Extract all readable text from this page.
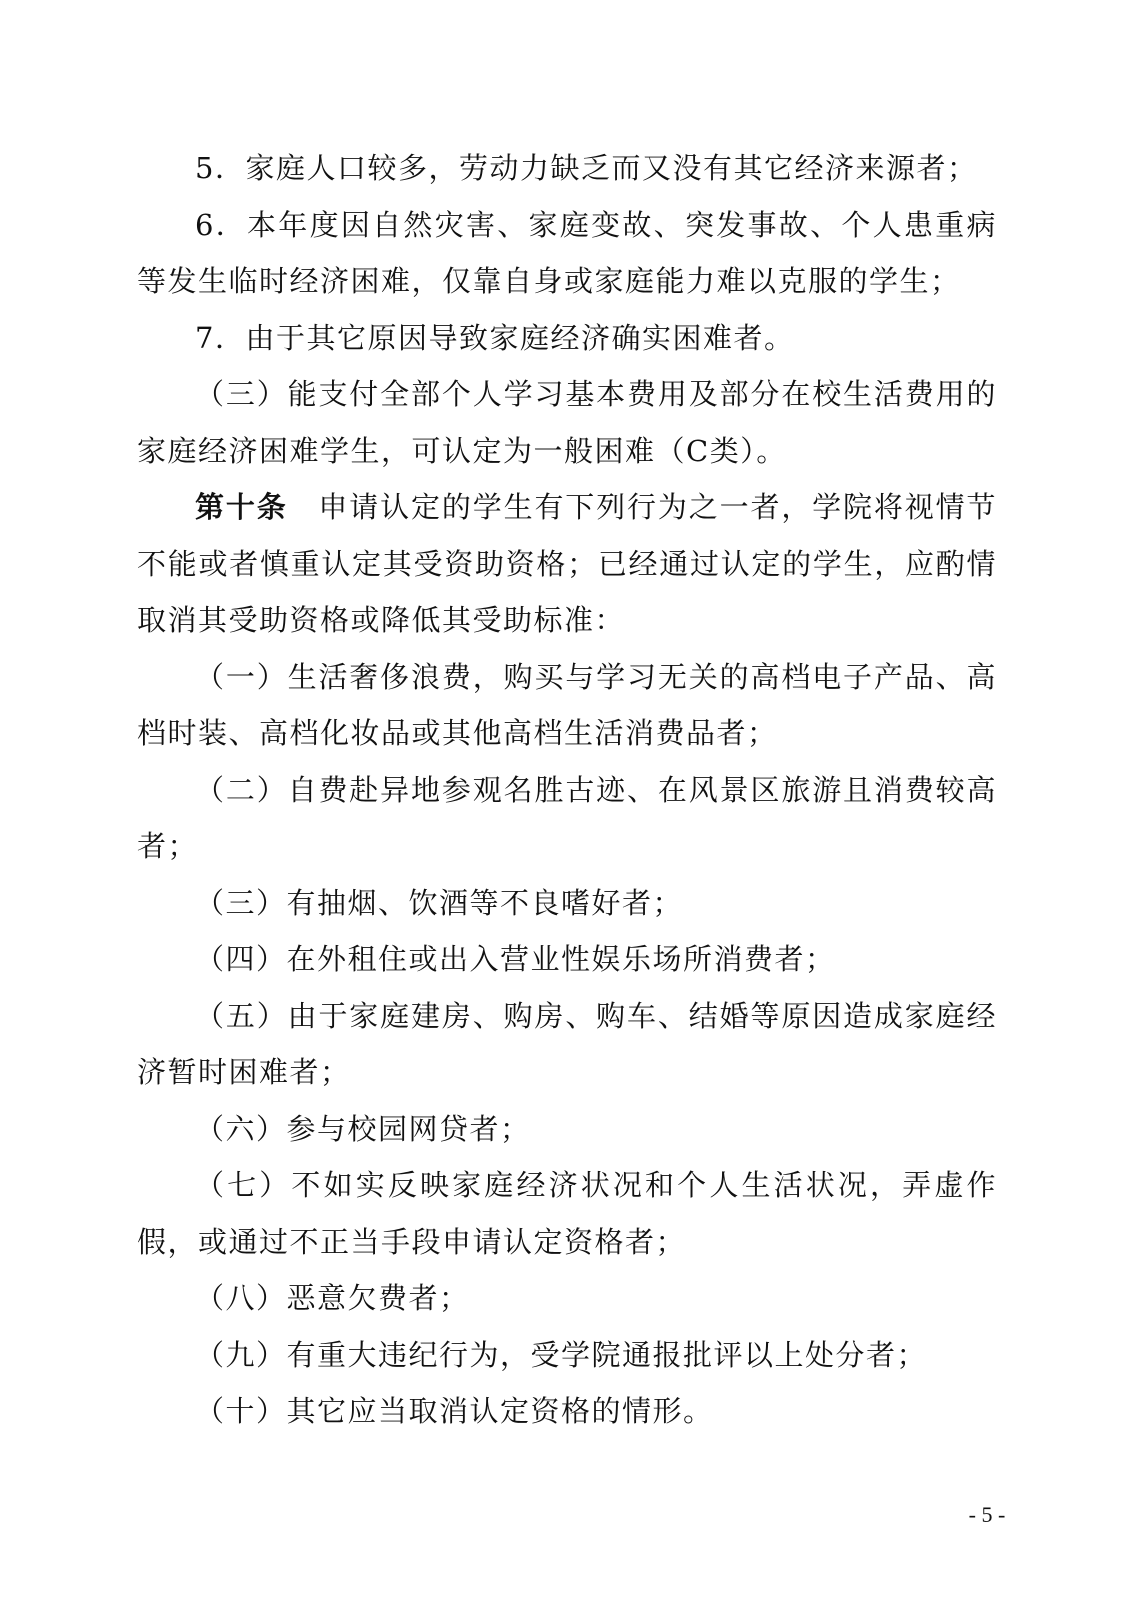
5．家庭人口较多，劳动力缺乏而又没有其它经济来源者；

6．本年度因自然灾害、家庭变故、突发事故、个人患重病等发生临时经济困难，仅靠自身或家庭能力难以克服的学生；

7．由于其它原因导致家庭经济确实困难者。

（三）能支付全部个人学习基本费用及部分在校生活费用的家庭经济困难学生，可认定为一般困难（C类）。

第十条　申请认定的学生有下列行为之一者，学院将视情节不能或者慎重认定其受资助资格；已经通过认定的学生，应酌情取消其受助资格或降低其受助标准：

（一）生活奢侈浪费，购买与学习无关的高档电子产品、高档时装、高档化妆品或其他高档生活消费品者；

（二）自费赴异地参观名胜古迹、在风景区旅游且消费较高者；

（三）有抽烟、饮酒等不良嗜好者；

（四）在外租住或出入营业性娱乐场所消费者；

（五）由于家庭建房、购房、购车、结婚等原因造成家庭经济暂时困难者；

（六）参与校园网贷者；

（七）不如实反映家庭经济状况和个人生活状况，弄虚作假，或通过不正当手段申请认定资格者；

（八）恶意欠费者；

（九）有重大违纪行为，受学院通报批评以上处分者；

（十）其它应当取消认定资格的情形。

- 5 -
